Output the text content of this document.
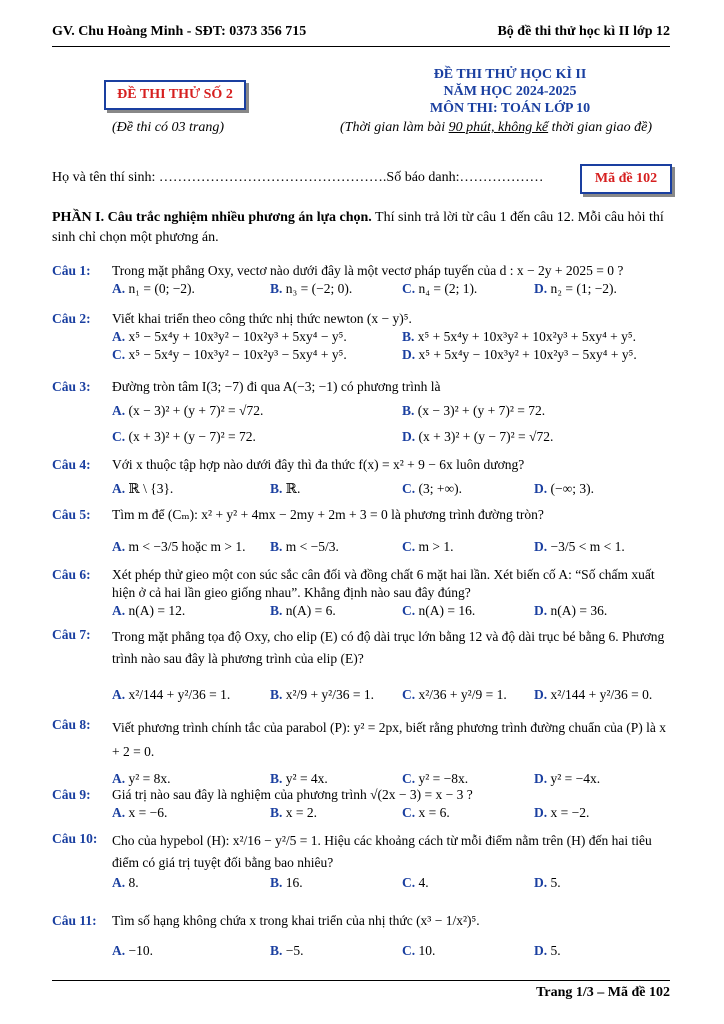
GV. Chu Hoàng Minh - SĐT: 0373 356 715	Bộ đề thi thử học kì II lớp 12
ĐỀ THI THỬ SỐ 2
(Đề thi có 03 trang)
ĐỀ THI THỬ HỌC KÌ II
NĂM HỌC 2024-2025
MÔN THI: TOÁN LỚP 10
(Thời gian làm bài 90 phút, không kể thời gian giao đề)
Họ và tên thí sinh: ………………………………………….Số báo danh:………………	Mã đề 102
PHẦN I. Câu trắc nghiệm nhiều phương án lựa chọn. Thí sinh trả lời từ câu 1 đến câu 12. Mỗi câu hỏi thí sinh chỉ chọn một phương án.
Câu 1: Trong mặt phẳng Oxy, vectơ nào dưới đây là một vectơ pháp tuyến của d : x − 2y + 2025 = 0 ?
A. n₁ = (0; −2).	B. n₃ = (−2; 0).	C. n₄ = (2; 1).	D. n₂ = (1; −2).
Câu 2: Viết khai triển theo công thức nhị thức newton (x − y)⁵.
A. x⁵ − 5x⁴y + 10x³y² − 10x²y³ + 5xy⁴ − y⁵.	B. x⁵ + 5x⁴y + 10x³y² + 10x²y³ + 5xy⁴ + y⁵.
C. x⁵ − 5x⁴y − 10x³y² − 10x²y³ − 5xy⁴ + y⁵.	D. x⁵ + 5x⁴y − 10x³y² + 10x²y³ − 5xy⁴ + y⁵.
Câu 3: Đường tròn tâm I(3; −7) đi qua A(−3; −1) có phương trình là
A. (x − 3)² + (y + 7)² = √72.	B. (x − 3)² + (y + 7)² = 72.
C. (x + 3)² + (y − 7)² = 72.	D. (x + 3)² + (y − 7)² = √72.
Câu 4: Với x thuộc tập hợp nào dưới đây thì đa thức f(x) = x² + 9 − 6x luôn dương?
A. ℝ \ {3}.	B. ℝ.	C. (3; +∞).	D. (−∞; 3).
Câu 5: Tìm m để (Cₘ): x² + y² + 4mx − 2my + 2m + 3 = 0 là phương trình đường tròn?
A. m < −3/5 hoặc m > 1. B. m < −5/3.	C. m > 1.	D. −3/5 < m < 1.
Câu 6: Xét phép thử gieo một con súc sắc cân đối và đồng chất 6 mặt hai lần. Xét biến cố A: “Số chấm xuất hiện ở cả hai lần gieo giống nhau”. Khẳng định nào sau đây đúng?
A. n(A) = 12.	B. n(A) = 6.	C. n(A) = 16.	D. n(A) = 36.
Câu 7: Trong mặt phẳng tọa độ Oxy, cho elip (E) có độ dài trục lớn bằng 12 và độ dài trục bé bằng 6. Phương trình nào sau đây là phương trình của elip (E)?
A. x²/144 + y²/36 = 1.	B. x²/9 + y²/36 = 1. C. x²/36 + y²/9 = 1. D. x²/144 + y²/36 = 0.
Câu 8: Viết phương trình chính tắc của parabol (P): y² = 2px, biết rằng phương trình đường chuẩn của (P) là x + 2 = 0.
A. y² = 8x.	B. y² = 4x.	C. y² = −8x.	D. y² = −4x.
Câu 9: Giá trị nào sau đây là nghiệm của phương trình √(2x − 3) = x − 3 ?
A. x = −6.	B. x = 2.	C. x = 6.	D. x = −2.
Câu 10: Cho của hypebol (H): x²/16 − y²/5 = 1. Hiệu các khoảng cách từ mỗi điểm nằm trên (H) đến hai tiêu điểm có giá trị tuyệt đối bằng bao nhiêu?
A. 8.	B. 16.	C. 4.	D. 5.
Câu 11: Tìm số hạng không chứa x trong khai triển của nhị thức (x³ − 1/x²)⁵.
A. −10.	B. −5.	C. 10.	D. 5.
Trang 1/3 – Mã đề 102
